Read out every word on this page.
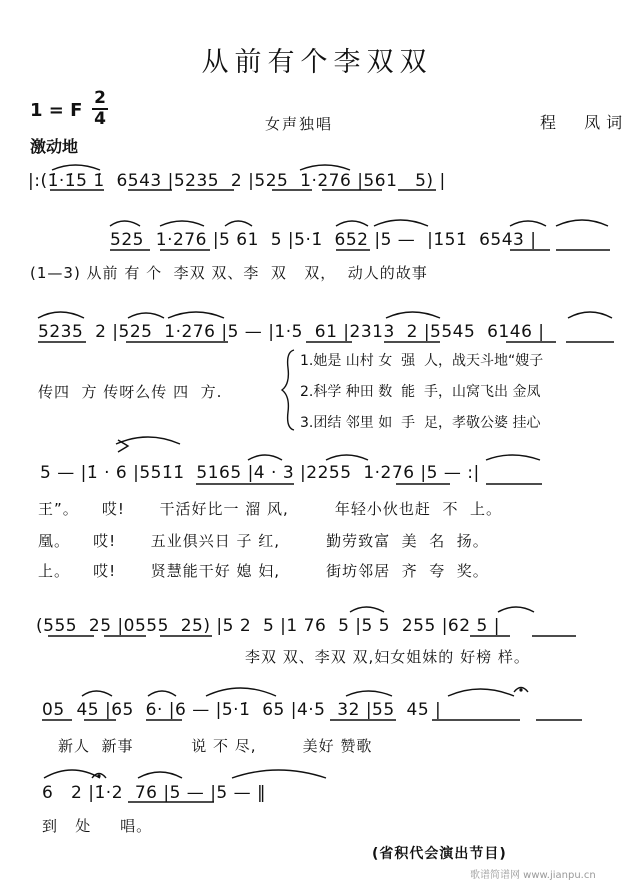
从前有个李双双
1 = F
2
4
激动地
女声独唱	程  凤词
|:(1̇·1̇5 1̇  6543 |5235  2 |525  1·276 |561   5) |
525  1·276 |5 61  5 |5·1̇  652 |5 —  |1̇51̇  6543 |
(1—3) 从前 有 个  李双 双、李  双   双，  动人的故事
5235  2 |525  1·276 |5 — |1·5  61 |2313  2 |5545  6146 |
传四  方 传呀么传 四  方.
1.她是 山村 女  强  人，战天斗地“嫂子
2.科学 种田 数  能  手，山窝飞出 金凤
3.团结 邻里 如  手  足，孝敬公婆 挂心
5 — |1̇ · 6 |551̇1̇  5165 |4 · 3 |2255  1·276 |5 — :|
王”。    哎!      干活好比一 溜 风,        年轻小伙也赶  不  上。
凰。    哎!      五业俱兴日 子 红,        勤劳致富  美  名  扬。
上。    哎!      贤慧能干好 媳 妇,        街坊邻居  齐  夸  奖。
(555  25 |0555  25) |5 2  5 |1 76  5 |5 5  255 |62 5 |
李双 双、李双 双,妇女姐妹的 好榜 样。
05  45 |65  6· |6 — |5·1̇  65 |4·5  32 |55  45 |
新人  新事          说 不 尽,        美好 赞歌
6   2 |1̇·2  76 |5 — |5 — ‖
到   处     唱。
(省积代会演出节目)
歌谱简谱网 www.jianpu.cn
